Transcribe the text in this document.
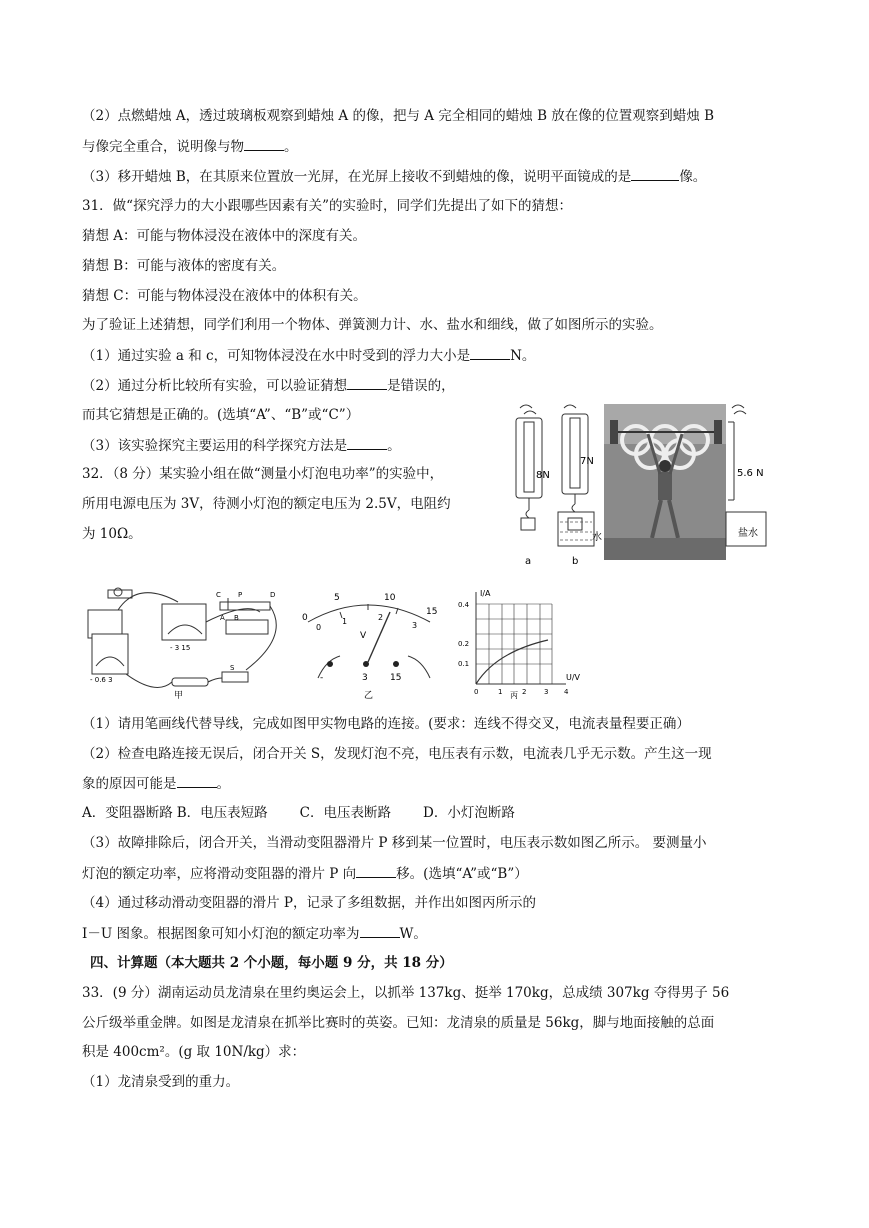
（2）点燃蜡烛 A，透过玻璃板观察到蜡烛 A 的像，把与 A 完全相同的蜡烛 B 放在像的位置观察到蜡烛 B
与像完全重合，说明像与物	。
（3）移开蜡烛 B，在其原来位置放一光屏，在光屏上接收不到蜡烛的像，说明平面镜成的是	像。
31．做“探究浮力的大小跟哪些因素有关”的实验时，同学们先提出了如下的猜想：
猜想 A：可能与物体浸没在液体中的深度有关。
猜想 B：可能与液体的密度有关。
猜想 C：可能与物体浸没在液体中的体积有关。
为了验证上述猜想，同学们利用一个物体、弹簧测力计、水、盐水和细线，做了如图所示的实验。
（1）通过实验 a 和 c，可知物体浸没在水中时受到的浮力大小是	N。
（2）通过分析比较所有实验，可以验证猜想	是错误的，
而其它猜想是正确的。(选填“A”、“B”或“C”）
（3）该实验探究主要运用的科学探究方法是	。
32．（8 分）某实验小组在做“测量小灯泡电功率”的实验中，
所用电源电压为 3V，待测小灯泡的额定电压为 2.5V，电阻约
为 10Ω。
8N
7N
水
a	b
5.6 N
盐水
C P	D
A B
S
- 3 15
- 0.6 3
甲
0
5	10
15
0
1	2
3
V
-	3 15
乙
I/A
U/V
0.4
0.2
0.1
0	1	2	3 4
丙
（1）请用笔画线代替导线，完成如图甲实物电路的连接。(要求：连线不得交叉，电流表量程要正确）
（2）检查电路连接无误后，闭合开关 S，发现灯泡不亮，电压表有示数，电流表几乎无示数。产生这一现
象的原因可能是	。
A．变阻器断路 B．电压表短路 C．电压表断路 D．小灯泡断路
（3）故障排除后，闭合开关，当滑动变阻器滑片 P 移到某一位置时，电压表示数如图乙所示。 要测量小
灯泡的额定功率，应将滑动变阻器的滑片 P 向	移。(选填“A”或“B”）
（4）通过移动滑动变阻器的滑片 P，记录了多组数据，并作出如图丙所示的
I－U 图象。根据图象可知小灯泡的额定功率为	W。
四、计算题（本大题共 2 个小题，每小题 9 分，共 18 分）
33．(9 分）湖南运动员龙清泉在里约奥运会上，以抓举 137kg、挺举 170kg，总成绩 307kg 夺得男子 56
公斤级举重金牌。如图是龙清泉在抓举比赛时的英姿。已知：龙清泉的质量是 56kg，脚与地面接触的总面
积是 400cm²。(g 取 10N/kg）求：
（1）龙清泉受到的重力。
